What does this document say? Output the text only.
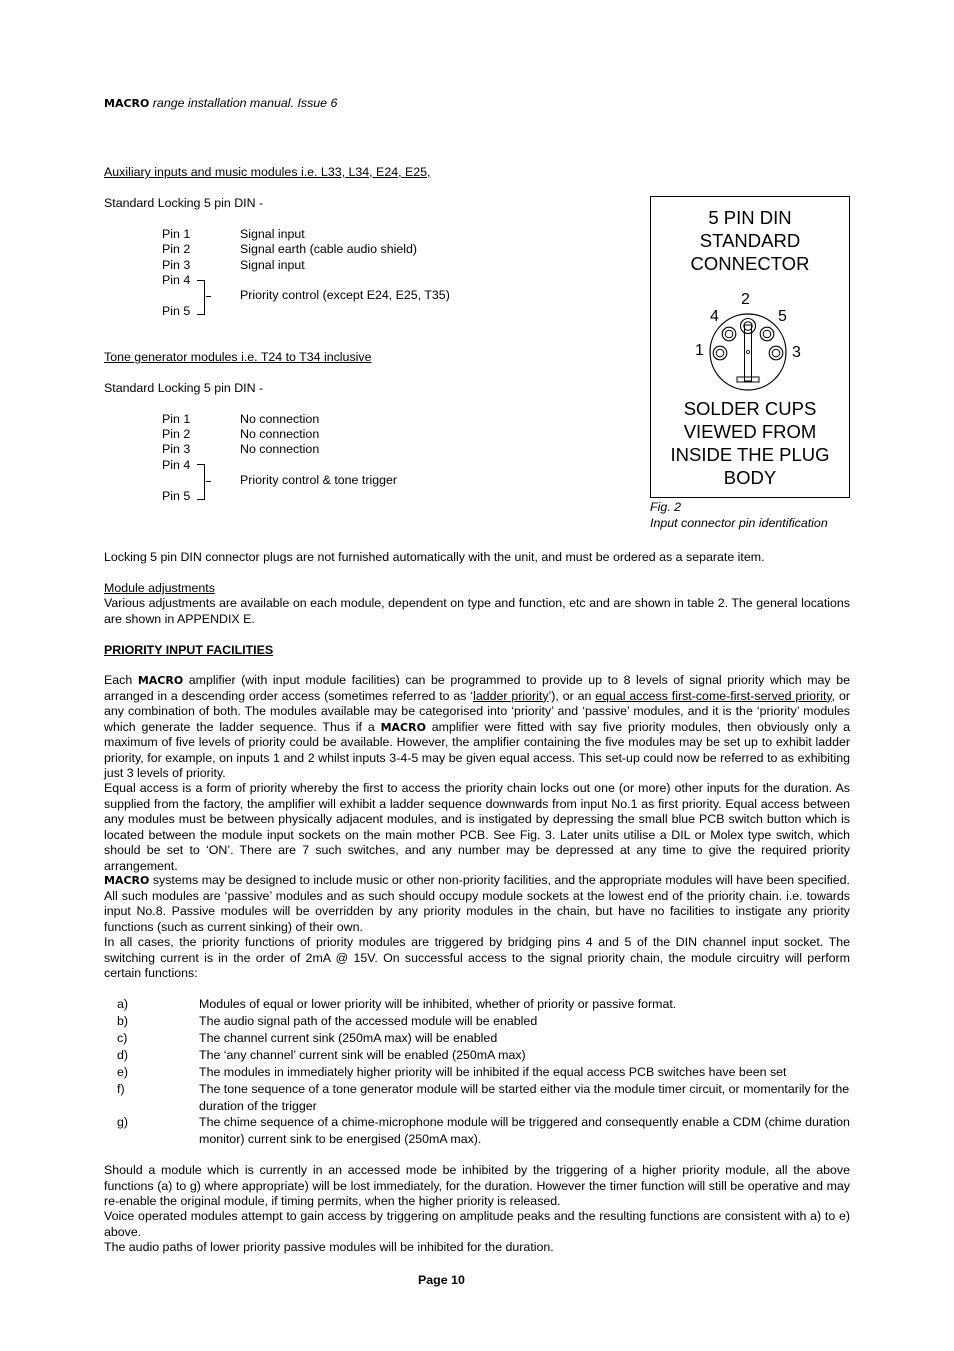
MACRO range installation manual. Issue 6
Auxiliary inputs and music modules i.e. L33, L34, E24, E25,
Standard Locking 5 pin DIN -
Pin 1	Signal input
Pin 2	Signal earth (cable audio shield)
Pin 3	Signal input
Pin 4
Priority control (except E24, E25, T35)
Pin 5
Tone generator modules i.e. T24 to T34 inclusive
Standard Locking 5 pin DIN -
Pin 1	No connection
Pin 2	No connection
Pin 3	No connection
Pin 4
Priority control & tone trigger
Pin 5
5 PIN DIN
STANDARD
CONNECTOR
2
4	5
1	3
SOLDER CUPS
VIEWED FROM
INSIDE THE PLUG
BODY
Fig. 2
Input connector pin identification
Locking 5 pin DIN connector plugs are not furnished automatically with the unit, and must be ordered as a separate item.
Module adjustments
Various adjustments are available on each module, dependent on type and function, etc and are shown in table 2. The general locations are shown in APPENDIX E.
PRIORITY INPUT FACILITIES
Each MACRO amplifier (with input module facilities) can be programmed to provide up to 8 levels of signal priority which may be arranged in a descending order access (sometimes referred to as ‘ladder priority’), or an equal access first-come-first-served priority, or any combination of both. The modules available may be categorised into ‘priority’ and ‘passive’ modules, and it is the ‘priority’ modules which generate the ladder sequence. Thus if a MACRO amplifier were fitted with say five priority modules, then obviously only a maximum of five levels of priority could be available. However, the amplifier containing the five modules may be set up to exhibit ladder priority, for example, on inputs 1 and 2 whilst inputs 3-4-5 may be given equal access. This set-up could now be referred to as exhibiting just 3 levels of priority.
Equal access is a form of priority whereby the first to access the priority chain locks out one (or more) other inputs for the duration. As supplied from the factory, the amplifier will exhibit a ladder sequence downwards from input No.1 as first priority. Equal access between any modules must be between physically adjacent modules, and is instigated by depressing the small blue PCB switch button which is located between the module input sockets on the main mother PCB. See Fig. 3. Later units utilise a DIL or Molex type switch, which should be set to ‘ON’. There are 7 such switches, and any number may be depressed at any time to give the required priority arrangement.
MACRO systems may be designed to include music or other non-priority facilities, and the appropriate modules will have been specified. All such modules are ‘passive’ modules and as such should occupy module sockets at the lowest end of the priority chain. i.e. towards input No.8. Passive modules will be overridden by any priority modules in the chain, but have no facilities to instigate any priority functions (such as current sinking) of their own.
In all cases, the priority functions of priority modules are triggered by bridging pins 4 and 5 of the DIN channel input socket. The switching current is in the order of 2mA @ 15V. On successful access to the signal priority chain, the module circuitry will perform certain functions:
a)	Modules of equal or lower priority will be inhibited, whether of priority or passive format.
b)	The audio signal path of the accessed module will be enabled
c)	The channel current sink (250mA max) will be enabled
d)	The ‘any channel’ current sink will be enabled (250mA max)
e)	The modules in immediately higher priority will be inhibited if the equal access PCB switches have been set
f)	The tone sequence of a tone generator module will be started either via the module timer circuit, or momentarily for the duration of the trigger
g)	The chime sequence of a chime-microphone module will be triggered and consequently enable a CDM (chime duration monitor) current sink to be energised (250mA max).
Should a module which is currently in an accessed mode be inhibited by the triggering of a higher priority module, all the above functions (a) to g) where appropriate) will be lost immediately, for the duration. However the timer function will still be operative and may re-enable the original module, if timing permits, when the higher priority is released.
Voice operated modules attempt to gain access by triggering on amplitude peaks and the resulting functions are consistent with a) to e) above.
The audio paths of lower priority passive modules will be inhibited for the duration.
Page 10
